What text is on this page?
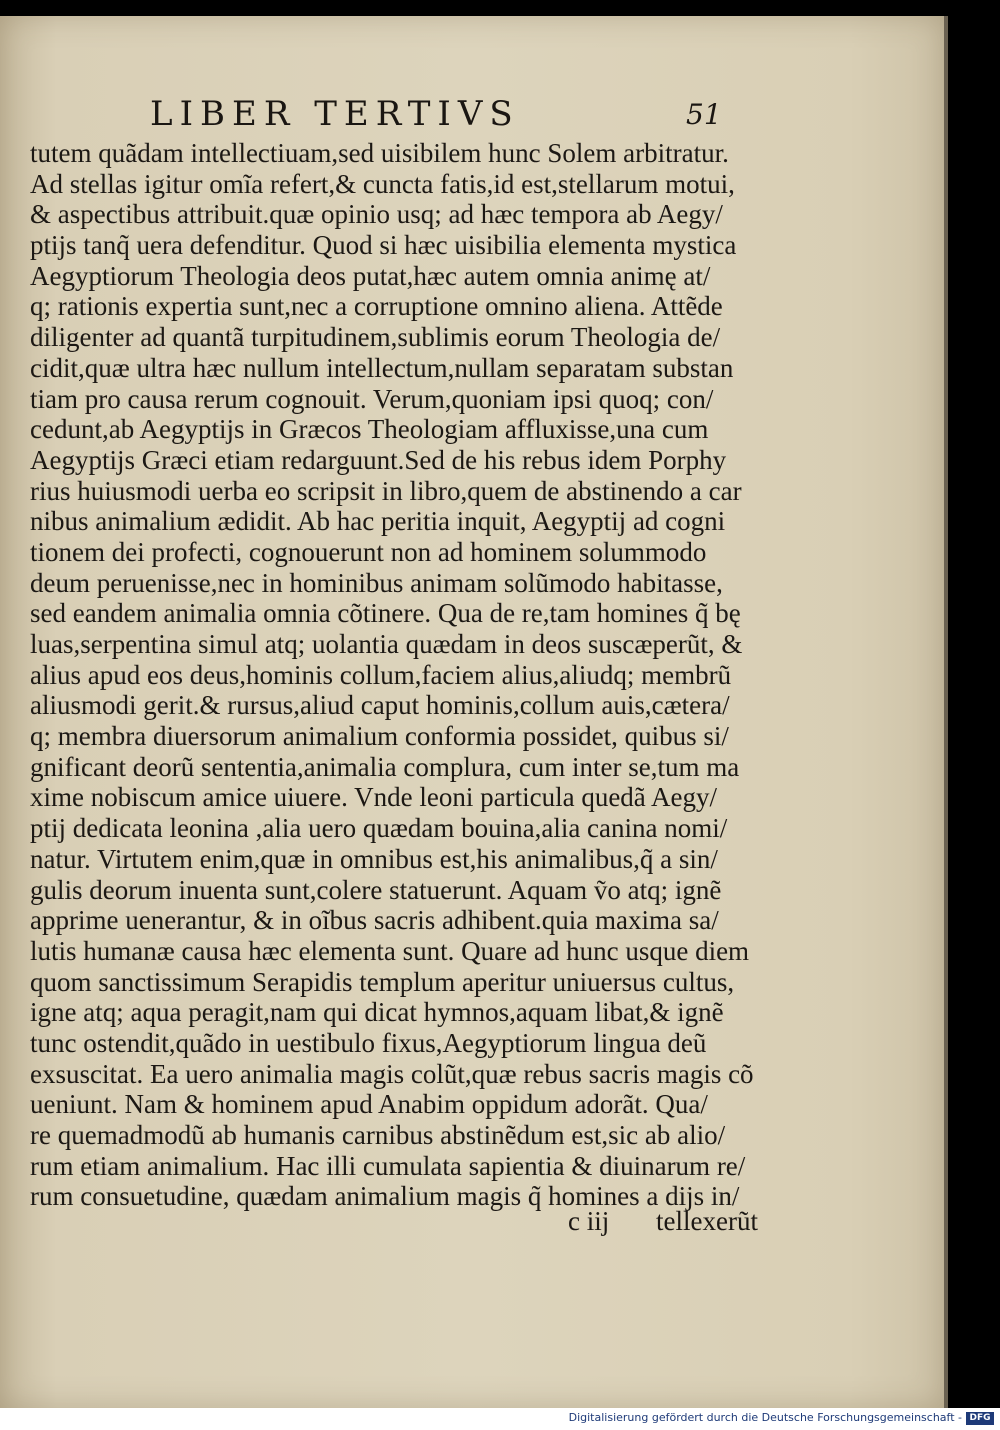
LIBER TERTIVS	51
tutem quãdam intellectiuam,sed uisibilem hunc Solem arbitratur.
Ad stellas igitur omĩa refert,& cuncta fatis,id est,stellarum motui,
& aspectibus attribuit.quæ opinio usq; ad hæc tempora ab Aegy/
ptijs tanq̃ uera defenditur. Quod si hæc uisibilia elementa mystica
Aegyptiorum Theologia deos putat,hæc autem omnia animę at/
q; rationis expertia sunt,nec a corruptione omnino aliena. Attẽde
diligenter ad quantã turpitudinem,sublimis eorum Theologia de/
cidit,quæ ultra hæc nullum intellectum,nullam separatam substan
tiam pro causa rerum cognouit. Verum,quoniam ipsi quoq; con/
cedunt,ab Aegyptijs in Græcos Theologiam affluxisse,una cum
Aegyptijs Græci etiam redarguunt.Sed de his rebus idem Porphy
rius huiusmodi uerba eo scripsit in libro,quem de abstinendo a car
nibus animalium ædidit. Ab hac peritia inquit, Aegyptij ad cogni
tionem dei profecti, cognouerunt non ad hominem solummodo
deum peruenisse,nec in hominibus animam solũmodo habitasse,
sed eandem animalia omnia cõtinere. Qua de re,tam homines q̃ bę
luas,serpentina simul atq; uolantia quædam in deos suscæperũt, &
alius apud eos deus,hominis collum,faciem alius,aliudq; membrũ
aliusmodi gerit.& rursus,aliud caput hominis,collum auis,cætera/
q; membra diuersorum animalium conformia possidet, quibus si/
gnificant deorũ sententia,animalia complura, cum inter se,tum ma
xime nobiscum amice uiuere. Vnde leoni particula quedã Aegy/
ptij dedicata leonina ,alia uero quædam bouina,alia canina nomi/
natur. Virtutem enim,quæ in omnibus est,his animalibus,q̃ a sin/
gulis deorum inuenta sunt,colere statuerunt. Aquam ṽo atq; ignẽ
apprime uenerantur, & in oĩbus sacris adhibent.quia maxima sa/
lutis humanæ causa hæc elementa sunt. Quare ad hunc usque diem
quom sanctissimum Serapidis templum aperitur uniuersus cultus,
igne atq; aqua peragit,nam qui dicat hymnos,aquam libat,& ignẽ
tunc ostendit,quãdo in uestibulo fixus,Aegyptiorum lingua deũ
exsuscitat. Ea uero animalia magis colũt,quæ rebus sacris magis cõ
ueniunt. Nam & hominem apud Anabim oppidum adorãt. Qua/
re quemadmodũ ab humanis carnibus abstinẽdum est,sic ab alio/
rum etiam animalium. Hac illi cumulata sapientia & diuinarum re/
rum consuetudine, quædam animalium magis q̃ homines a dijs in/
c iij tellexerũt
Digitalisierung gefördert durch die Deutsche Forschungsgemeinschaft - DFG
